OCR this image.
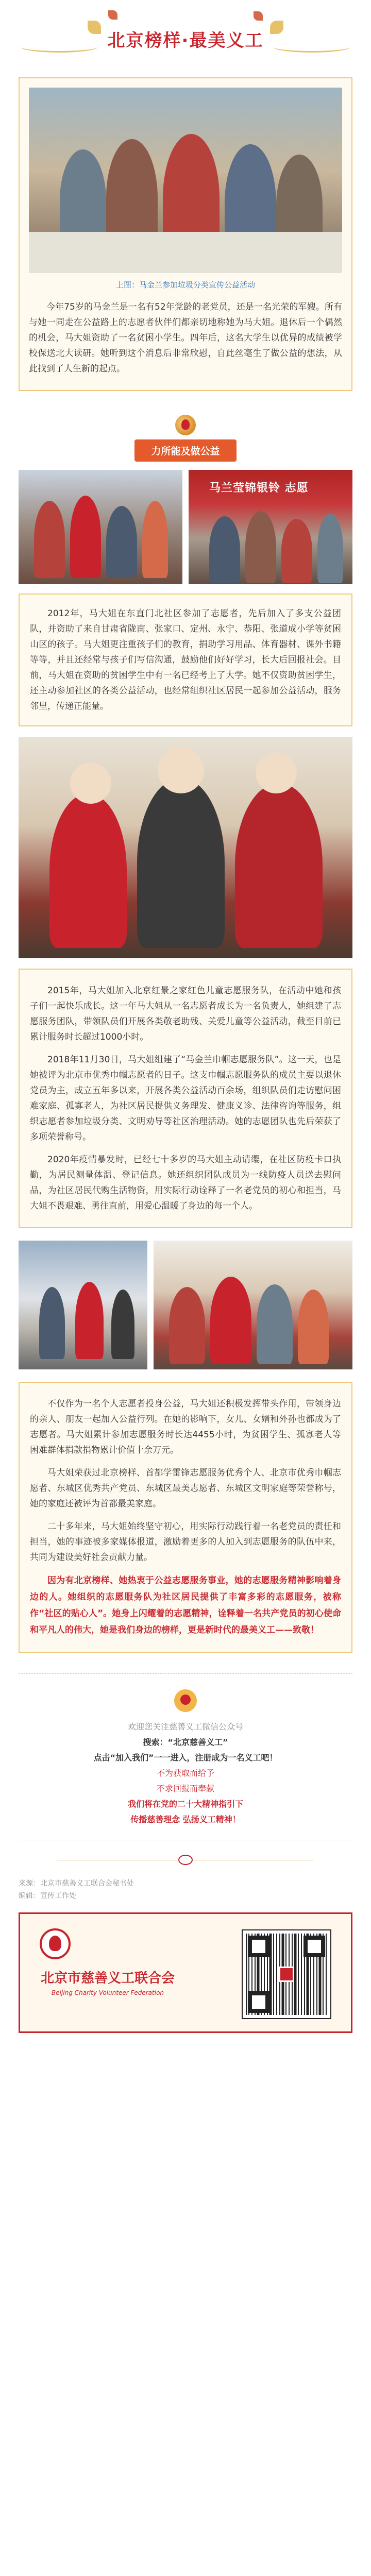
北京榜样·最美义工

上图：马金兰参加垃圾分类宣传公益活动

今年75岁的马金兰是一名有52年党龄的老党员，还是一名光荣的军嫂。所有与她一同走在公益路上的志愿者伙伴们都亲切地称她为马大姐。退休后一个偶然的机会，马大姐资助了一名贫困小学生。四年后，这名大学生以优异的成绩被学校保送北大读研。她听到这个消息后非常欣慰，自此丝毫生了做公益的想法，从此找到了人生新的起点。

力所能及做公益
马兰莹锦银铃 志愿

2012年，马大姐在东直门北社区参加了志愿者，先后加入了多支公益团队，并资助了来自甘肃省陇南、张家口、定州、永宁、恭阳、张道成小学等贫困山区的孩子。马大姐更注重孩子们的教育，捐助学习用品、体育器材、课外书籍等等，并且还经常与孩子们写信沟通，鼓励他们好好学习，长大后回报社会。目前，马大姐在资助的贫困学生中有一名已经考上了大学。她不仅资助贫困学生，还主动参加社区的各类公益活动，也经常组织社区居民一起参加公益活动，服务邻里，传递正能量。

2015年，马大姐加入北京红景之家红色儿童志愿服务队，在活动中她和孩子们一起快乐成长。这一年马大姐从一名志愿者成长为一名负责人，她组建了志愿服务团队，带领队员们开展各类敬老助残、关爱儿童等公益活动，截至目前已累计服务时长超过1000小时。

2018年11月30日，马大姐组建了“马金兰巾帼志愿服务队”。这一天，也是她被评为北京市优秀巾帼志愿者的日子。这支巾帼志愿服务队的成员主要以退休党员为主，成立五年多以来，开展各类公益活动百余场，组织队员们走访慰问困难家庭、孤寡老人，为社区居民提供义务理发、健康义诊、法律咨询等服务，组织志愿者参加垃圾分类、文明劝导等社区治理活动。她的志愿团队也先后荣获了多项荣誉称号。

2020年疫情暴发时，已经七十多岁的马大姐主动请缨，在社区防疫卡口执勤，为居民测量体温、登记信息。她还组织团队成员为一线防疫人员送去慰问品，为社区居民代购生活物资，用实际行动诠释了一名老党员的初心和担当，马大姐不畏艰难、勇往直前，用爱心温暖了身边的每一个人。

不仅作为一名个人志愿者投身公益，马大姐还积极发挥带头作用，带领身边的亲人、朋友一起加入公益行列。在她的影响下，女儿、女婿和外孙也都成为了志愿者。马大姐累计参加志愿服务时长达4455小时，为贫困学生、孤寡老人等困难群体捐款捐物累计价值十余万元。

马大姐荣获过北京榜样、首都学雷锋志愿服务优秀个人、北京市优秀巾帼志愿者、东城区优秀共产党员、东城区最美志愿者、东城区文明家庭等荣誉称号，她的家庭还被评为首都最美家庭。

二十多年来，马大姐始终坚守初心，用实际行动践行着一名老党员的责任和担当，她的事迹被多家媒体报道，激励着更多的人加入到志愿服务的队伍中来，共同为建设美好社会贡献力量。

因为有北京榜样、她热衷于公益志愿服务事业，她的志愿服务精神影响着身边的人。她组织的志愿服务队为社区居民提供了丰富多彩的志愿服务，被称作“社区的贴心人”。她身上闪耀着的志愿精神，诠释着一名共产党员的初心使命和平凡人的伟大，她是我们身边的榜样，更是新时代的最美义工——致敬！

欢迎您关注慈善义工微信公众号

搜索：“北京慈善义工”

点击“加入我们”一一进入，注册成为一名义工吧！

不为获取而给予

不求回报而奉献

我们将在党的二十大精神指引下

传播慈善理念 弘扬义工精神！

来源：北京市慈善义工联合会秘书处

编辑：宣传工作处

北京市慈善义工联合会
Beijing Charity Volunteer Federation
